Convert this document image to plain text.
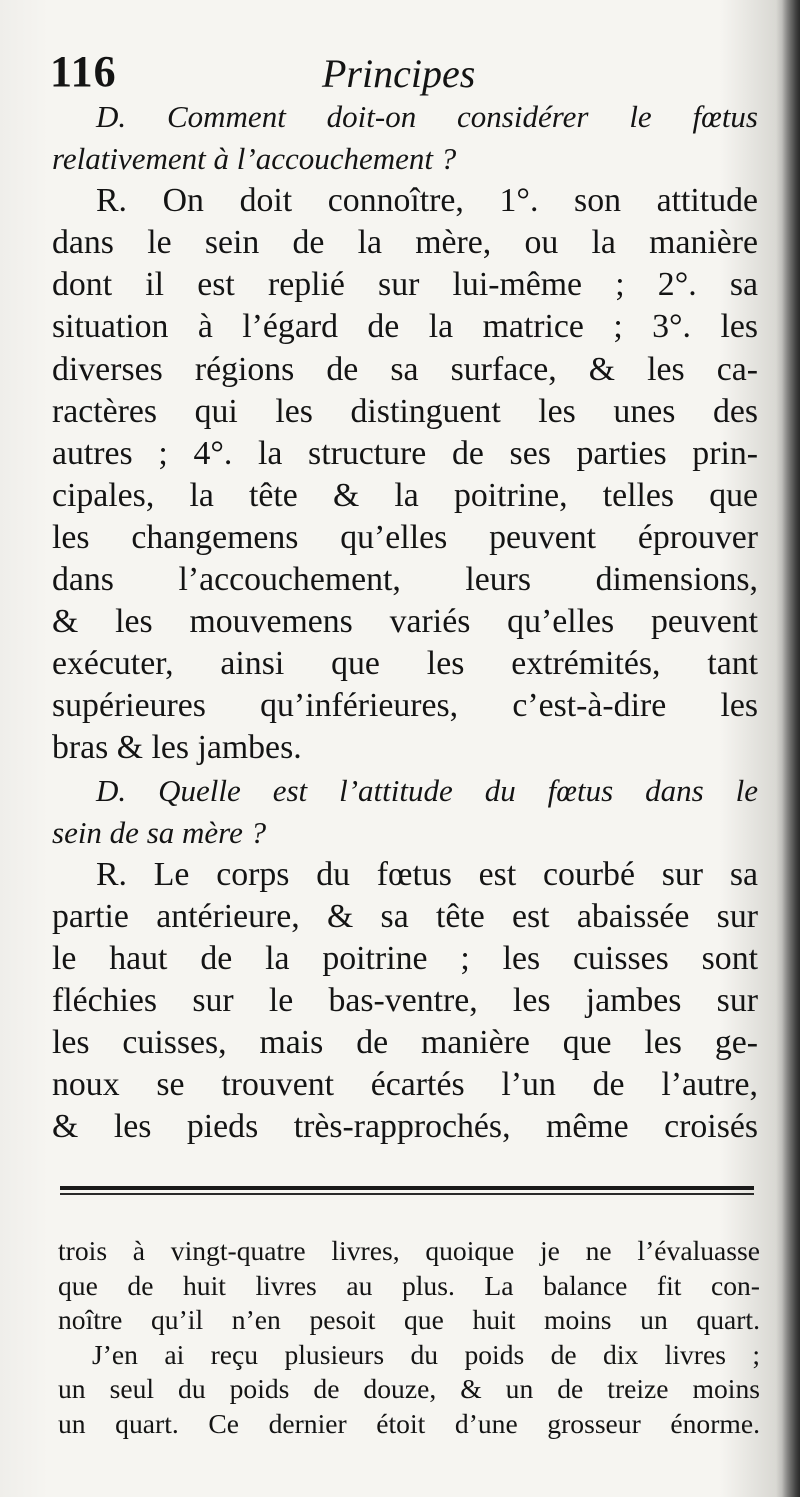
116	Principes
D. Comment doit-on considérer le fœtus
relativement à l’accouchement ?
R. On doit connoître, 1°. son attitude
dans le sein de la mère, ou la manière
dont il est replié sur lui-même ; 2°. sa
situation à l’égard de la matrice ; 3°. les
diverses régions de sa surface, & les ca-
ractères qui les distinguent les unes des
autres ; 4°. la structure de ses parties prin-
cipales, la tête & la poitrine, telles que
les changemens qu’elles peuvent éprouver
dans l’accouchement, leurs dimensions,
& les mouvemens variés qu’elles peuvent
exécuter, ainsi que les extrémités, tant
supérieures qu’inférieures, c’est-à-dire les
bras & les jambes.
D. Quelle est l’attitude du fœtus dans le
sein de sa mère ?
R. Le corps du fœtus est courbé sur sa
partie antérieure, & sa tête est abaissée sur
le haut de la poitrine ; les cuisses sont
fléchies sur le bas-ventre, les jambes sur
les cuisses, mais de manière que les ge-
noux se trouvent écartés l’un de l’autre,
& les pieds très-rapprochés, même croisés
trois à vingt-quatre livres, quoique je ne l’évaluasse
que de huit livres au plus. La balance fit con-
noître qu’il n’en pesoit que huit moins un quart.
J’en ai reçu plusieurs du poids de dix livres ;
un seul du poids de douze, & un de treize moins
un quart. Ce dernier étoit d’une grosseur énorme.
